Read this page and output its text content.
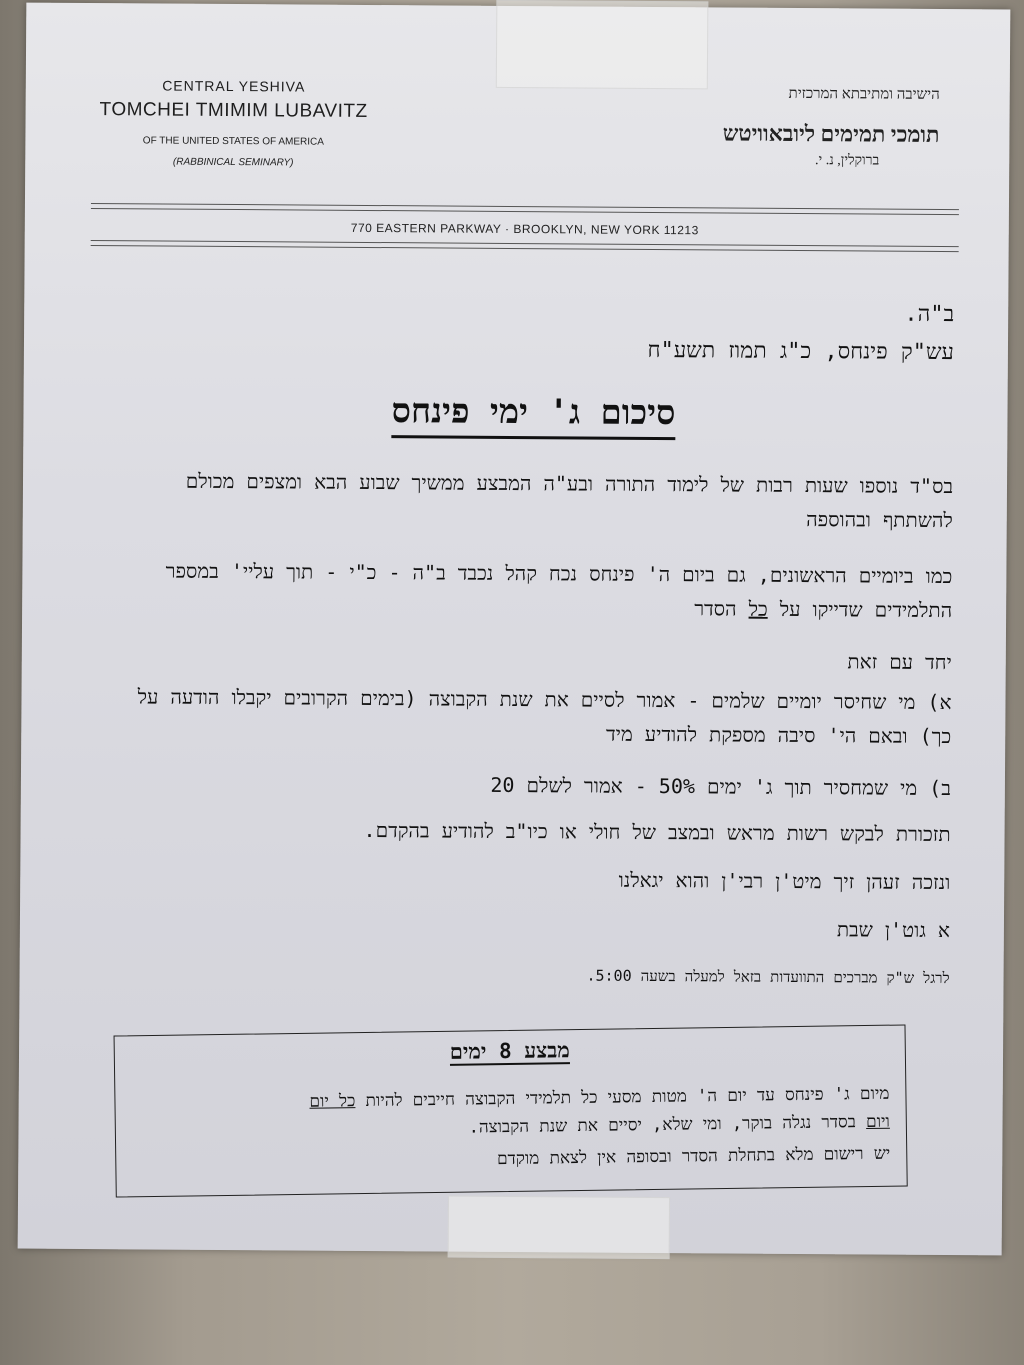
CENTRAL YESHIVA
TOMCHEI TMIMIM LUBAVITZ
OF THE UNITED STATES OF AMERICA
(RABBINICAL SEMINARY)
הישיבה ומתיבתא המרכזית
תומכי תמימים ליובאוויטש
ברוקלין, נ. י.
770 EASTERN PARKWAY · BROOKLYN, NEW YORK 11213
ב"ה.
עש"ק פינחס, כ"ג תמוז תשע"ח
סיכום ג' ימי פינחס
בס"ד נוספו שעות רבות של לימוד התורה ובע"ה המבצע ממשיך שבוע הבא ומצפים מכולם להשתתף ובהוספה
כמו ביומיים הראשונים, גם ביום ה' פינחס נכח קהל נכבד ב"ה - כ"י - תוך עליי' במספר התלמידים שדייקו על כל הסדר
יחד עם זאת
א) מי שחיסר יומיים שלמים - אמור לסיים את שנת הקבוצה (בימים הקרובים יקבלו הודעה על כך) ובאם הי' סיבה מספקת להודיע מיד
ב) מי שמחסיר תוך ג' ימים 50% - אמור לשלם 20
תזכורת לבקש רשות מראש ובמצב של חולי או כיו"ב להודיע בהקדם.
ונזכה זעהן זיך מיט'ן רבי'ן והוא יגאלנו
א גוט'ן שבת
לרגל ש"ק מברכים התוועדות בזאל למעלה בשעה 5:00.
מבצע 8 ימים
מיום ג' פינחס עד יום ה' מטות מסעי כל תלמידי הקבוצה חייבים להיות כל יום
ויום בסדר נגלה בוקר, ומי שלא, יסיים את שנת הקבוצה.
יש רישום מלא בתחלת הסדר ובסופה אין לצאת מוקדם
